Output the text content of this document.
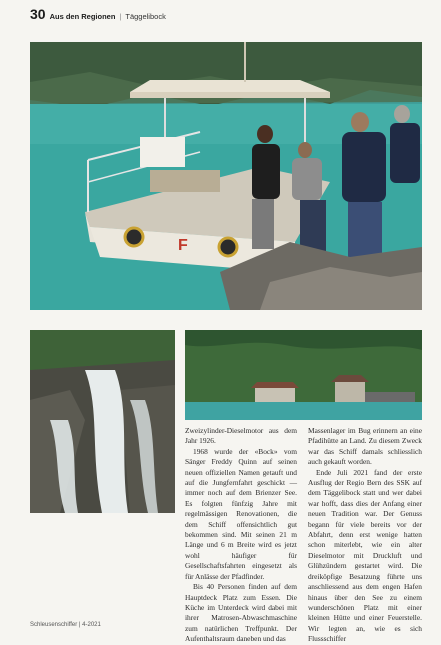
30 Aus den Regionen | Täggelibock
F

Zweizylinder-Dieselmotor aus dem Jahr 1926.

1968 wurde der «Bock» vom Sänger Freddy Quinn auf seinen neuen offiziellen Namen getauft und auf die Jungfernfahrt geschickt — immer noch auf dem Brienzer See. Es folgten fünfzig Jahre mit regelmässigen Renovationen, die dem Schiff offensichtlich gut bekommen sind. Mit seinen 21 m Länge und 6 m Breite wird es jetzt wohl häufiger für Gesellschaftsfahrten eingesetzt als für Anlässe der Pfadfinder.

Bis 40 Personen finden auf dem Hauptdeck Platz zum Essen. Die Küche im Unterdeck wird dabei mit ihrer Matrosen-Abwaschmaschine zum natürlichen Treffpunkt. Der Aufenthaltsraum daneben und das

Massenlager im Bug erinnern an eine Pfadihütte an Land. Zu diesem Zweck war das Schiff damals schliesslich auch gekauft worden.

Ende Juli 2021 fand der erste Ausflug der Regio Bern des SSK auf dem Täggelibock statt und wer dabei war hofft, dass dies der Anfang einer neuen Tradition war. Der Genuss begann für viele bereits vor der Abfahrt, denn erst wenige hatten schon miterlebt, wie ein alter Dieselmotor mit Druckluft und Glühzündern gestartet wird. Die dreiköpfige Besatzung führte uns anschliessend aus dem engen Hafen hinaus über den See zu einem wunderschönen Platz mit einer kleinen Hütte und einer Feuerstelle. Wir legten an, wie es sich Flussschiffer

Schleusenschiffer | 4-2021
